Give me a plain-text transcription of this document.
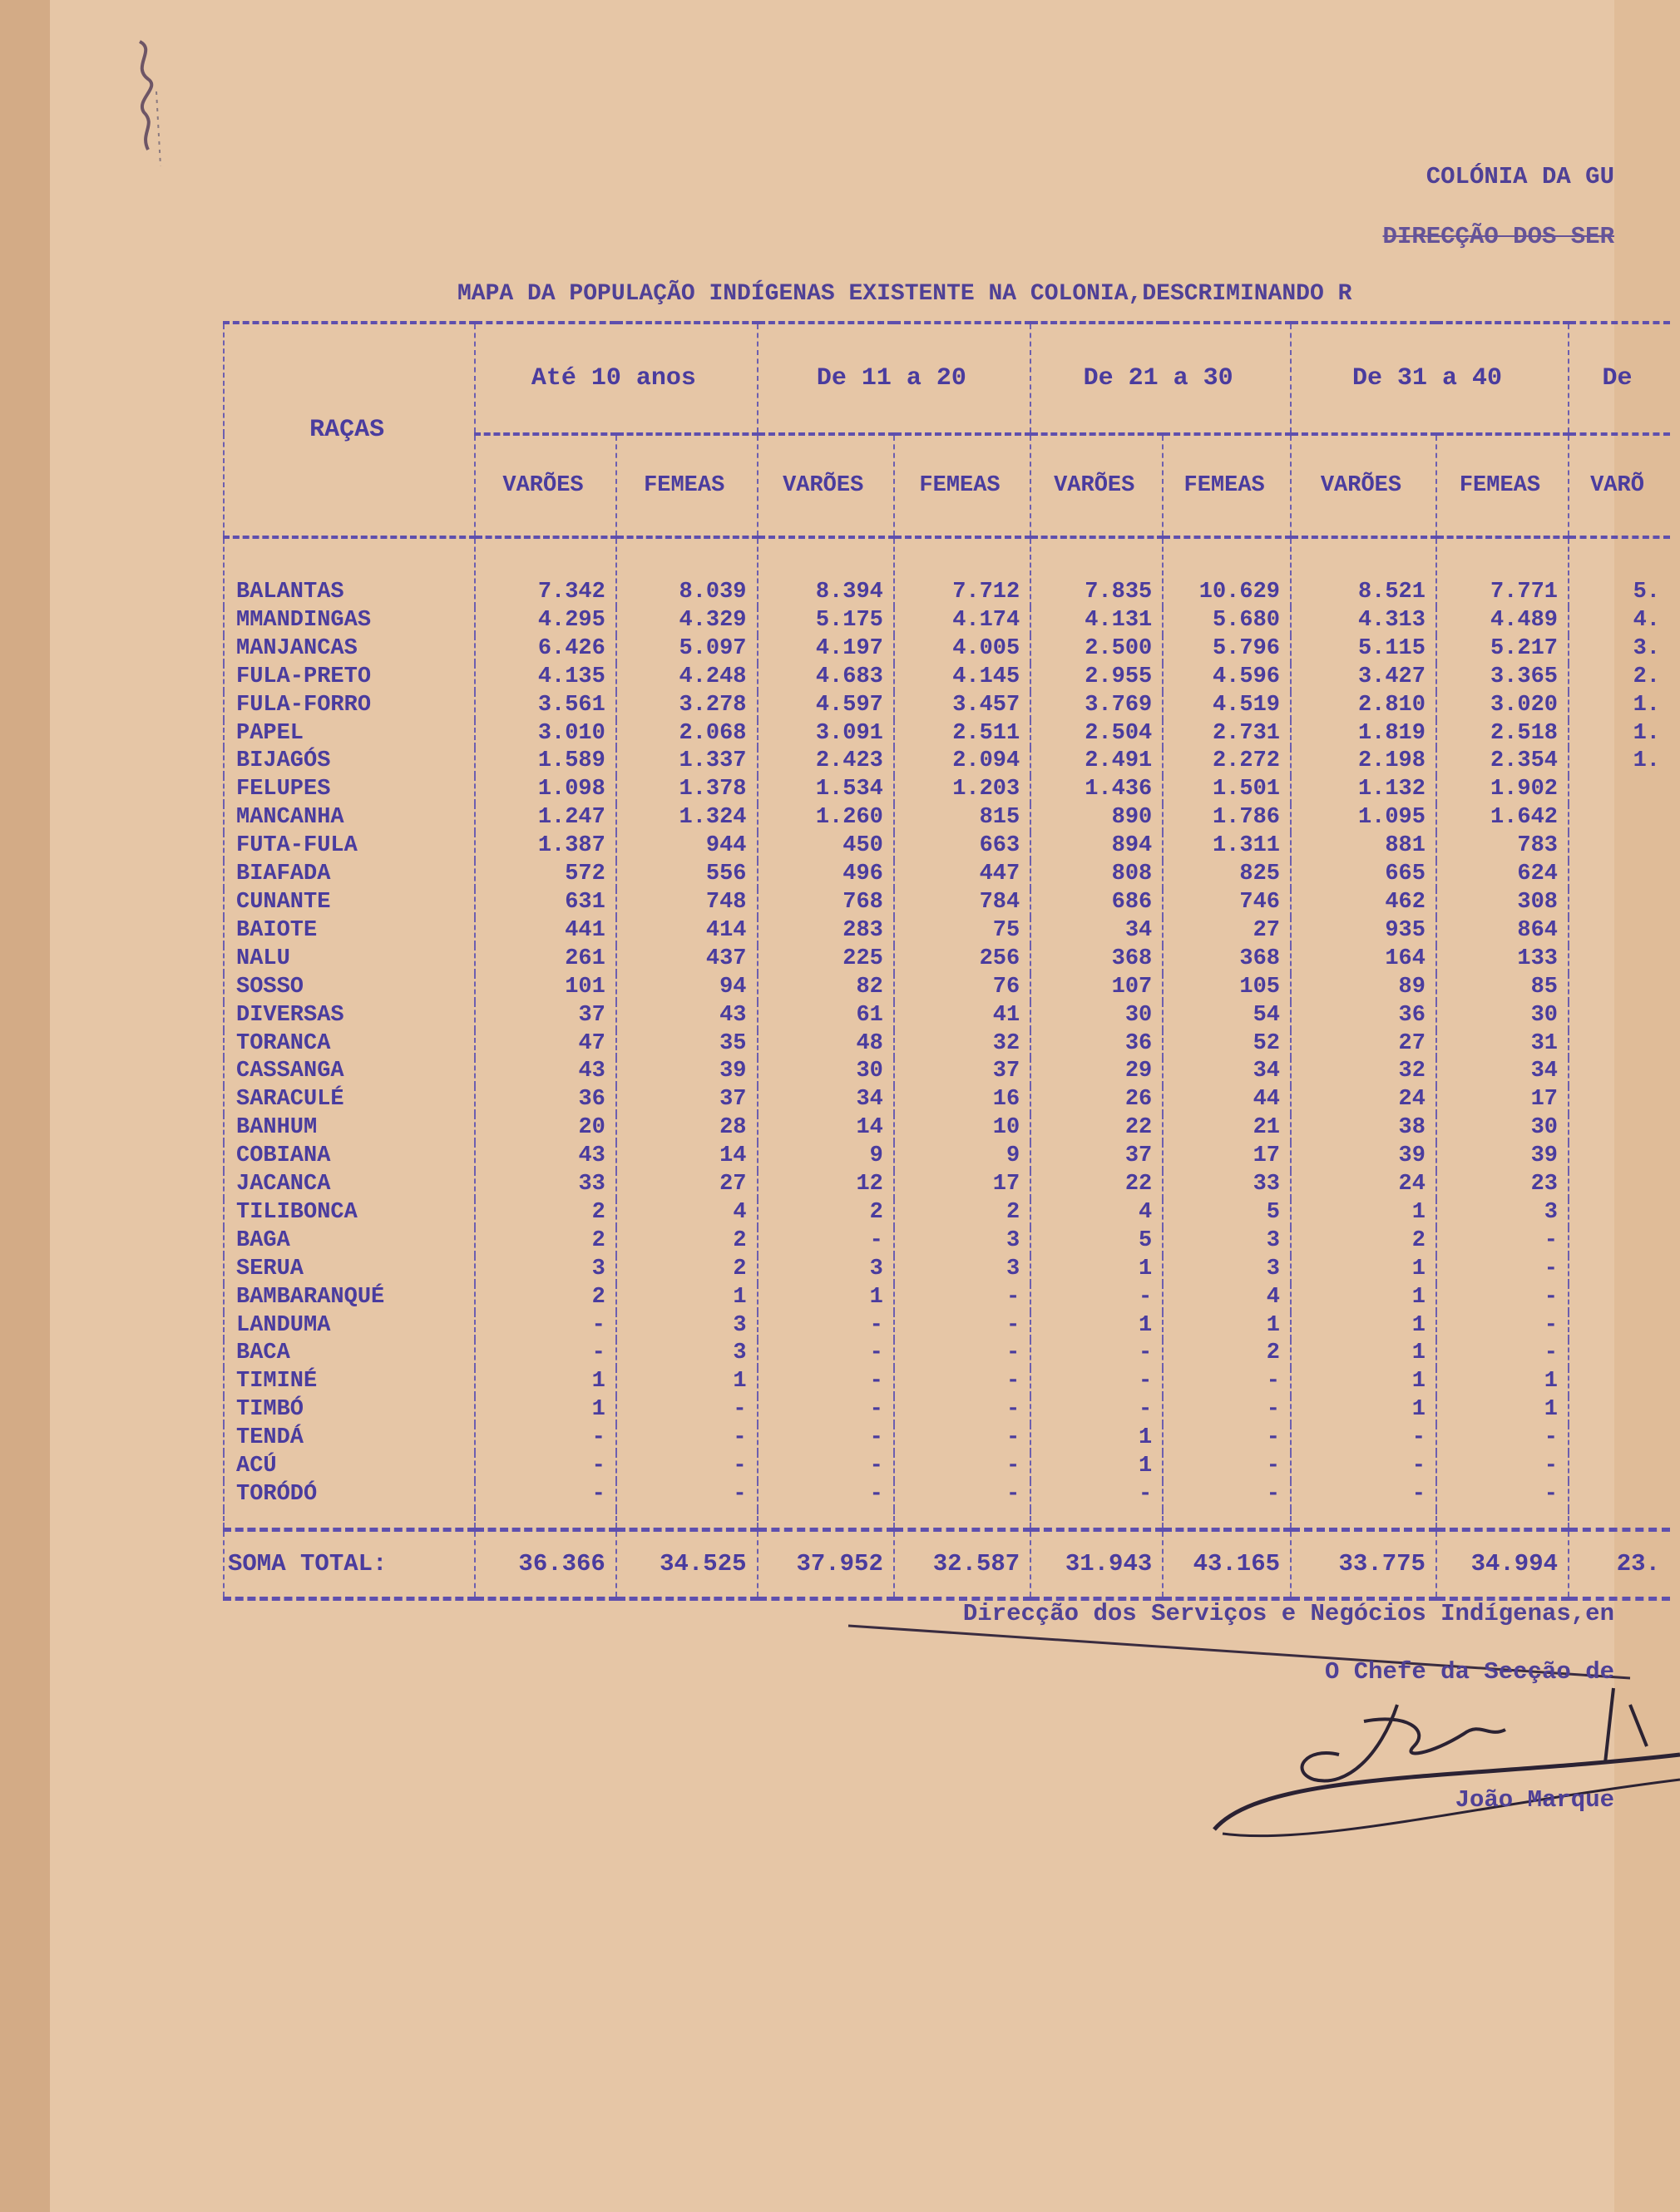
COLÓNIA DA GU
DIRECÇÃO DOS SER
MAPA DA POPULAÇÃO INDÍGENAS EXISTENTE NA COLONIA,DESCRIMINANDO R
RAÇAS	Até 10 anos		De 11 a 20		De 21 a 30		De 31 a 40		De
	VARÕES	FEMEAS	VARÕES	FEMEAS	VARÕES	FEMEAS	VARÕES	FEMEAS	VARÕ
BALANTAS	7.342	8.039	8.394	7.712	7.835	10.629	8.521	7.771	5.
MMANDINGAS	4.295	4.329	5.175	4.174	4.131	5.680	4.313	4.489	4.
MANJANCAS	6.426	5.097	4.197	4.005	2.500	5.796	5.115	5.217	3.
FULA-PRETO	4.135	4.248	4.683	4.145	2.955	4.596	3.427	3.365	2.
FULA-FORRO	3.561	3.278	4.597	3.457	3.769	4.519	2.810	3.020	1.
PAPEL	3.010	2.068	3.091	2.511	2.504	2.731	1.819	2.518	1.
BIJAGÓS	1.589	1.337	2.423	2.094	2.491	2.272	2.198	2.354	1.
FELUPES	1.098	1.378	1.534	1.203	1.436	1.501	1.132	1.902	
MANCANHA	1.247	1.324	1.260	815	890	1.786	1.095	1.642	
FUTA-FULA	1.387	944	450	663	894	1.311	881	783	
BIAFADA	572	556	496	447	808	825	665	624	
CUNANTE	631	748	768	784	686	746	462	308	
BAIOTE	441	414	283	75	34	27	935	864	
NALU	261	437	225	256	368	368	164	133	
SOSSO	101	94	82	76	107	105	89	85	
DIVERSAS	37	43	61	41	30	54	36	30	
TORANCA	47	35	48	32	36	52	27	31	
CASSANGA	43	39	30	37	29	34	32	34	
SARACULÉ	36	37	34	16	26	44	24	17	
BANHUM	20	28	14	10	22	21	38	30	
COBIANA	43	14	9	9	37	17	39	39	
JACANCA	33	27	12	17	22	33	24	23	
TILIBONCA	2	4	2	2	4	5	1	3	
BAGA	2	2	-	3	5	3	2	-	
SERUA	3	2	3	3	1	3	1	-	
BAMBARANQUÉ	2	1	1	-	-	4	1	-	
LANDUMA	-	3	-	-	1	1	1	-	
BACA	-	3	-	-	-	2	1	-	
TIMINÉ	1	1	-	-	-	-	1	1	
TIMBÓ	1	-	-	-	-	-	1	1	
TENDÁ	-	-	-	-	1	-	-	-	
ACÚ	-	-	-	-	1	-	-	-	
TORÓDÓ	-	-	-	-	-	-	-	-	

SOMA TOTAL:	36.366	34.525	37.952	32.587	31.943	43.165	33.775	34.994	23.
Direcção dos Serviços e Negócios Indígenas,en
O Chefe da Secção de
João Marque
